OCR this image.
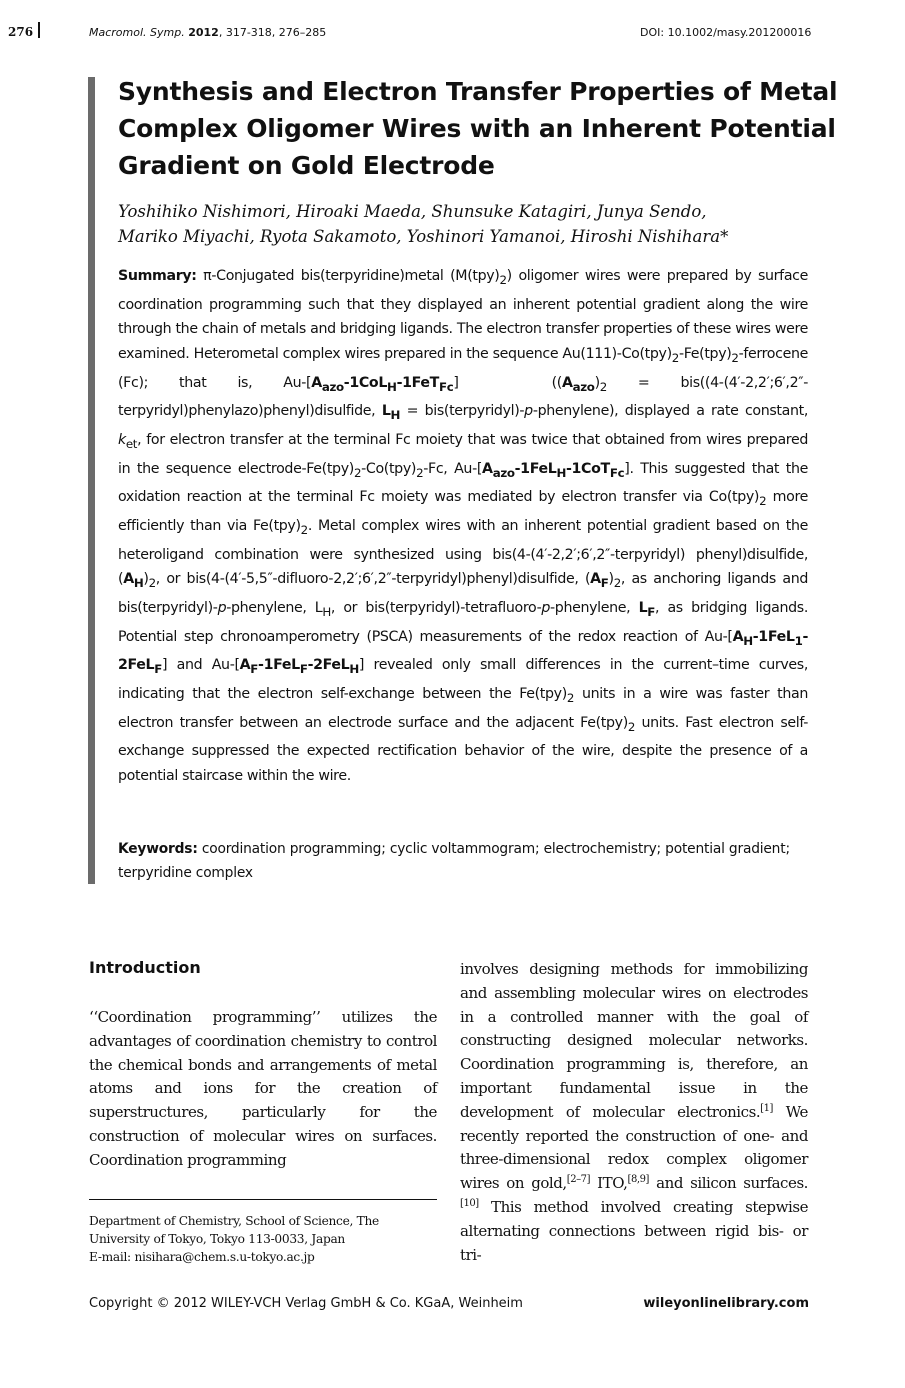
276	Macromol. Symp. 2012, 317-318, 276–285	DOI: 10.1002/masy.201200016
Synthesis and Electron Transfer Properties of Metal Complex Oligomer Wires with an Inherent Potential Gradient on Gold Electrode

Yoshihiko Nishimori, Hiroaki Maeda, Shunsuke Katagiri, Junya Sendo,
Mariko Miyachi, Ryota Sakamoto, Yoshinori Yamanoi, Hiroshi Nishihara*

Summary: π-Conjugated bis(terpyridine)metal $(M(tpy)_2)$ oligomer wires were prepared by surface coordination programming such that they displayed an inherent potential gradient along the wire through the chain of metals and bridging ligands. The electron transfer properties of these wires were examined. Heterometal complex wires prepared in the sequence $Au(111)-Co(tpy)_2-Fe(tpy)_2$-ferrocene (Fc); that is, $Au-[A_{azo}-1CoL_H-1FeT_{Fc}] ((A_{azo})_2$ = bis((4-(4′-2,2′;6′,2″-terpyridyl)phenylazo)phenyl)disulfide, $L_H$ = bis(terpyridyl)-p-phenylene), displayed a rate constant, $k_{et}$, for electron transfer at the terminal Fc moiety that was twice that obtained from wires prepared in the sequence electrode-$Fe(tpy)_2-Co(tpy)_2-Fc$, $Au-[A_{azo}-1FeL_H-1CoT_{Fc}]$. This suggested that the oxidation reaction at the terminal Fc moiety was mediated by electron transfer via $Co(tpy)_2$ more efficiently than via $Fe(tpy)_2$. Metal complex wires with an inherent potential gradient based on the heteroligand combination were synthesized using bis(4-(4′-2,2′;6′,2″-terpyridyl) phenyl)disulfide, $(A_H)_2$, or bis(4-(4′-5,5″-difluoro-2,2′;6′,2″-terpyridyl)phenyl)disulfide, $(A_F)_2$, as anchoring ligands and bis(terpyridyl)-p-phenylene, $L_H$, or bis(terpyridyl)-tetrafluoro-p-phenylene, $L_F$, as bridging ligands. Potential step chronoamperometry (PSCA) measurements of the redox reaction of $Au-[A_H-1FeL_1-2FeL_F]$ and $Au-[A_F-1FeL_F-2FeL_H]$ revealed only small differences in the current–time curves, indicating that the electron self-exchange between the $Fe(tpy)_2$ units in a wire was faster than electron transfer between an electrode surface and the adjacent $Fe(tpy)_2$ units. Fast electron self-exchange suppressed the expected rectification behavior of the wire, despite the presence of a potential staircase within the wire.

Keywords: coordination programming; cyclic voltammogram; electrochemistry; potential gradient; terpyridine complex

Introduction

‘‘Coordination programming’’ utilizes the advantages of coordination chemistry to control the chemical bonds and arrangements of metal atoms and ions for the creation of superstructures, particularly for the construction of molecular wires on surfaces. Coordination programming

involves designing methods for immobilizing and assembling molecular wires on electrodes in a controlled manner with the goal of constructing designed molecular networks. Coordination programming is, therefore, an important fundamental issue in the development of molecular electronics.[1] We recently reported the construction of one- and three-dimensional redox complex oligomer wires on gold,[2–7] ITO,[8,9] and silicon surfaces.[10] This method involved creating stepwise alternating connections between rigid bis- or tri-

Department of Chemistry, School of Science, The University of Tokyo, Tokyo 113-0033, Japan
E-mail: nisihara@chem.s.u-tokyo.ac.jp

Copyright © 2012 WILEY-VCH Verlag GmbH & Co. KGaA, Weinheim	wileyonlinelibrary.com
